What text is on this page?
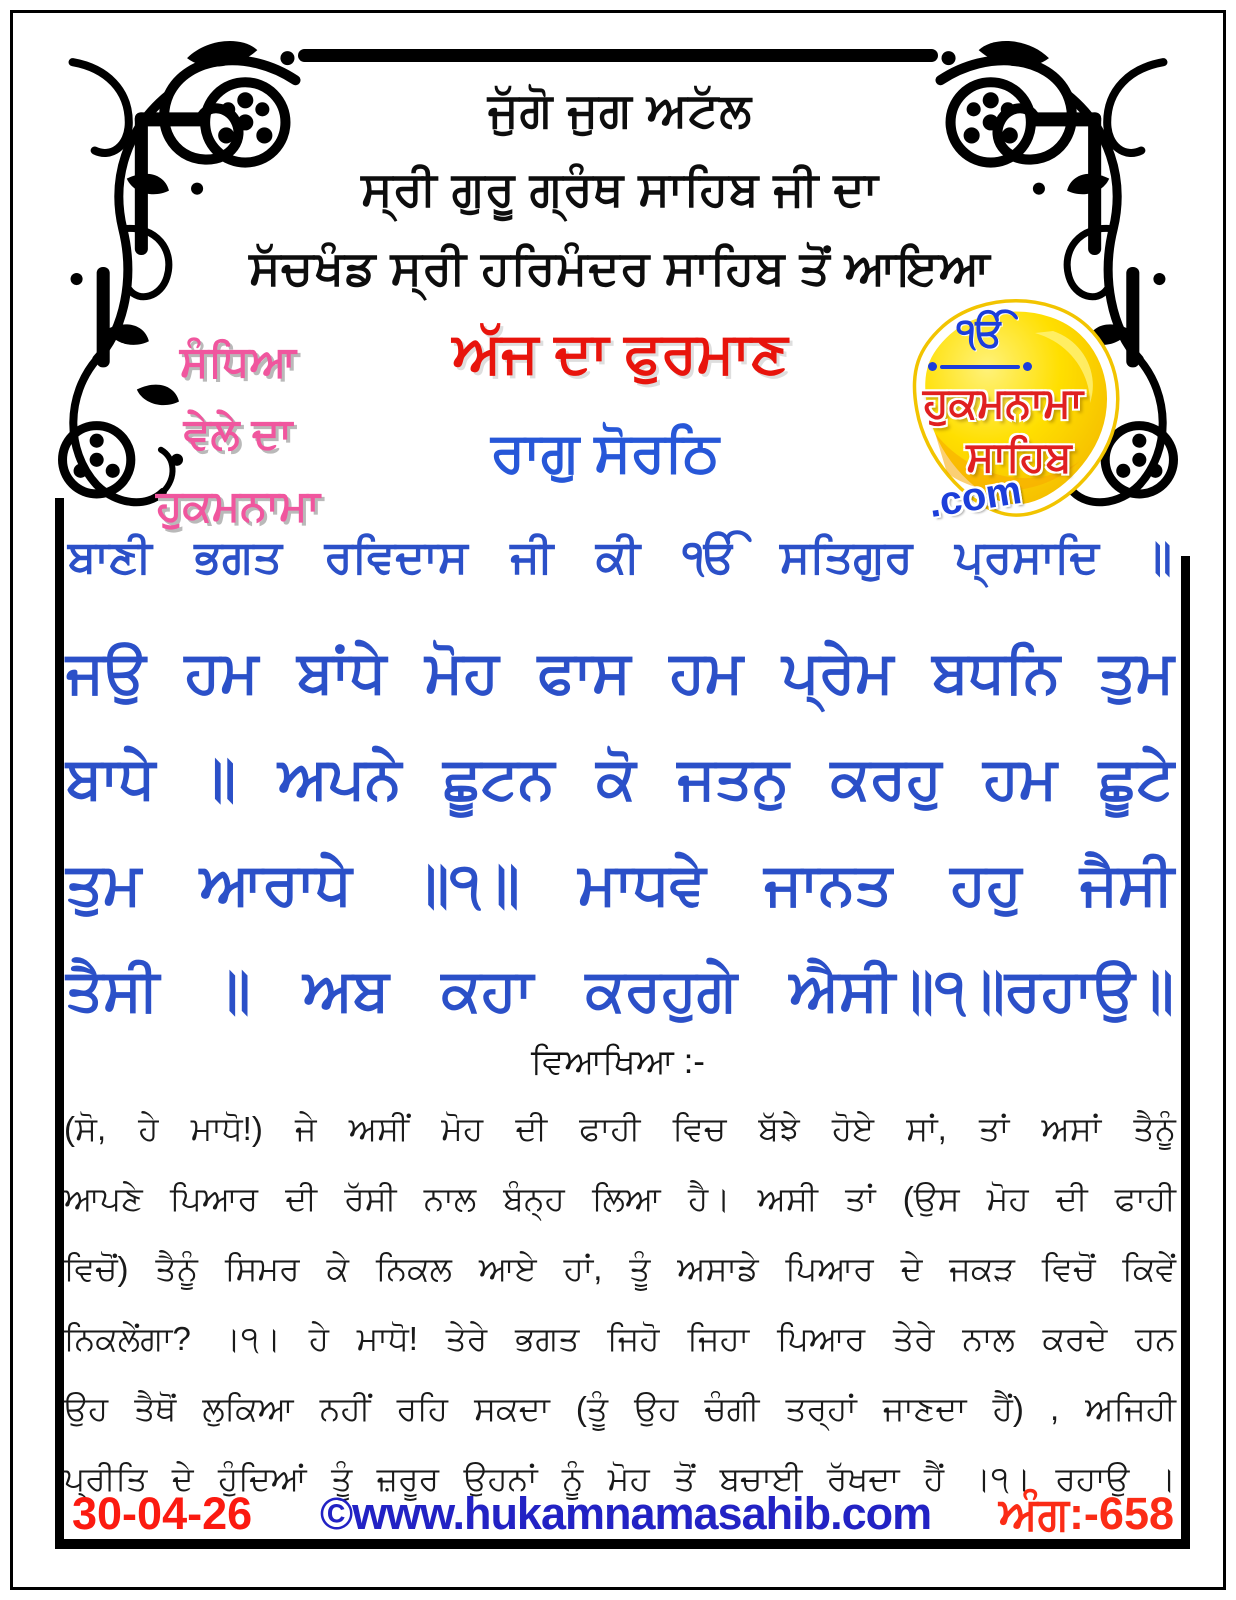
ਜੁੱਗੋ ਜੁਗ ਅਟੱਲ
ਸ੍ਰੀ ਗੁਰੂ ਗ੍ਰੰਥ ਸਾਹਿਬ ਜੀ ਦਾ
ਸੱਚਖੰਡ ਸ੍ਰੀ ਹਰਿਮੰਦਰ ਸਾਹਿਬ ਤੋਂ ਆਇਆ
ਸੰਧਿਆ
ਵੇਲੇ ਦਾ
ਹੁਕਮਨਾਮਾ
ਅੱਜ ਦਾ ਫੁਰਮਾਣ
ਰਾਗੁ ਸੋਰਠਿ
ੴ
ਹੁਕਮਨਾਮਾ
ਸਾਹਿਬ
.com
ਬਾਣੀ ਭਗਤ ਰਵਿਦਾਸ ਜੀ ਕੀ ੴ ਸਤਿਗੁਰ ਪ੍ਰਸਾਦਿ ॥
ਜਉ ਹਮ ਬਾਂਧੇ ਮੋਹ ਫਾਸ ਹਮ ਪ੍ਰੇਮ ਬਧਨਿ ਤੁਮ
ਬਾਧੇ ॥ ਅਪਨੇ ਛੂਟਨ ਕੋ ਜਤਨੁ ਕਰਹੁ ਹਮ ਛੂਟੇ
ਤੁਮ ਆਰਾਧੇ ॥੧॥ ਮਾਧਵੇ ਜਾਨਤ ਹਹੁ ਜੈਸੀ
ਤੈਸੀ ॥ ਅਬ ਕਹਾ ਕਰਹੁਗੇ ਐਸੀ॥੧॥ਰਹਾਉ॥
ਵਿਆਖਿਆ :-
(ਸੋ, ਹੇ ਮਾਧੋ!) ਜੇ ਅਸੀਂ ਮੋਹ ਦੀ ਫਾਹੀ ਵਿਚ ਬੱਝੇ ਹੋਏ ਸਾਂ, ਤਾਂ ਅਸਾਂ ਤੈਨੂੰ
ਆਪਣੇ ਪਿਆਰ ਦੀ ਰੱਸੀ ਨਾਲ ਬੰਨ੍ਹ ਲਿਆ ਹੈ। ਅਸੀ ਤਾਂ (ਉਸ ਮੋਹ ਦੀ ਫਾਹੀ
ਵਿਚੋਂ) ਤੈਨੂੰ ਸਿਮਰ ਕੇ ਨਿਕਲ ਆਏ ਹਾਂ, ਤੂੰ ਅਸਾਡੇ ਪਿਆਰ ਦੇ ਜਕੜ ਵਿਚੋਂ ਕਿਵੇਂ
ਨਿਕਲੇਂਗਾ? ।੧। ਹੇ ਮਾਧੋ! ਤੇਰੇ ਭਗਤ ਜਿਹੋ ਜਿਹਾ ਪਿਆਰ ਤੇਰੇ ਨਾਲ ਕਰਦੇ ਹਨ
ਉਹ ਤੈਥੋਂ ਲੁਕਿਆ ਨਹੀਂ ਰਹਿ ਸਕਦਾ (ਤੂੰ ਉਹ ਚੰਗੀ ਤਰ੍ਹਾਂ ਜਾਣਦਾ ਹੈਂ) , ਅਜਿਹੀ
ਪ੍ਰੀਤਿ ਦੇ ਹੁੰਦਿਆਂ ਤੂੰ ਜ਼ਰੂਰ ਉਹਨਾਂ ਨੂੰ ਮੋਹ ਤੋਂ ਬਚਾਈ ਰੱਖਦਾ ਹੈਂ ।੧। ਰਹਾਉ ।
30-04-26 ©www.hukamnamasahib.com ਅੰਗ:-658
